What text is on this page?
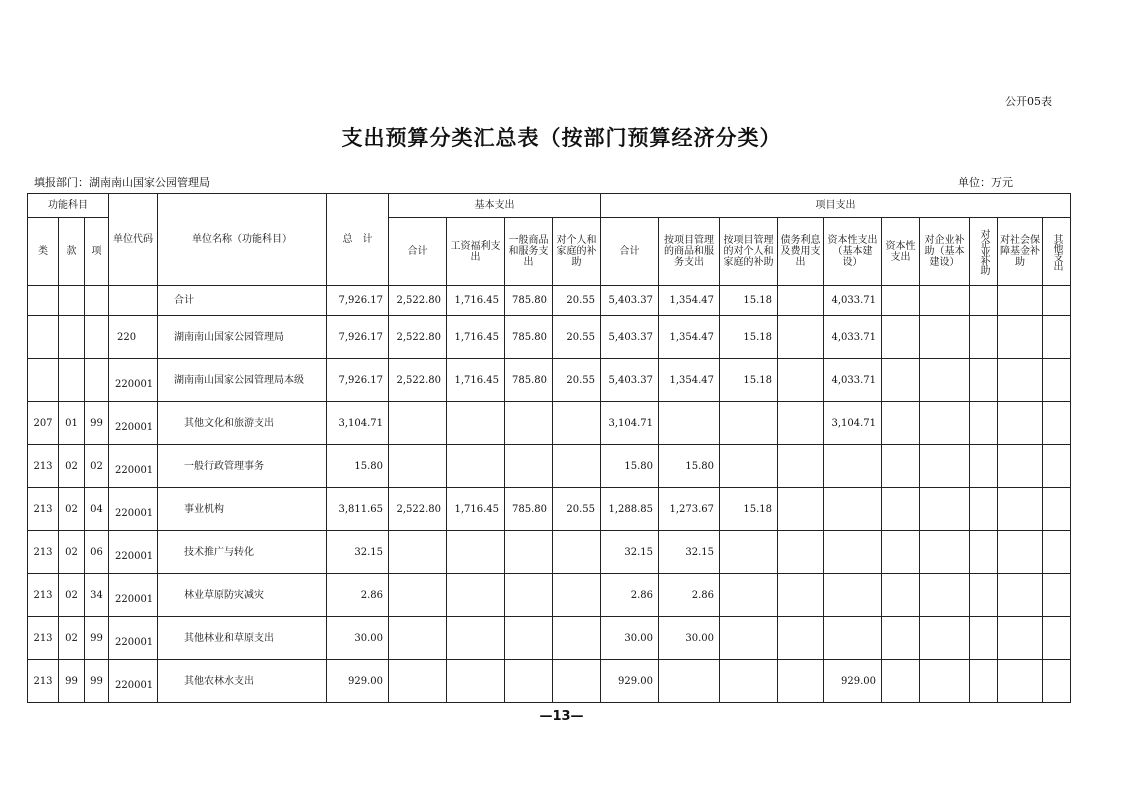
公开05表
支出预算分类汇总表（按部门预算经济分类）
填报部门：湖南南山国家公园管理局	单位：万元
功能科目			单位代码	单位名称（功能科目）	总　计	基本支出				项目支出									
类	款	项				合计	工资福利支出	一般商品和服务支出	对个人和家庭的补助	合计	按项目管理的商品和服务支出	按项目管理的对个人和家庭的补助	债务利息及费用支出	资本性支出（基本建设）	资本性支出	对企业补助（基本建设）	对企业补助	对社会保障基金补助	其他支出

				合计	7,926.17	2,522.80	1,716.45	785.80	20.55	5,403.37	1,354.47	15.18		4,033.71					
			220	湖南南山国家公园管理局	7,926.17	2,522.80	1,716.45	785.80	20.55	5,403.37	1,354.47	15.18		4,033.71					
			220001	湖南南山国家公园管理局本级	7,926.17	2,522.80	1,716.45	785.80	20.55	5,403.37	1,354.47	15.18		4,033.71					
207	01	99	220001	其他文化和旅游支出	3,104.71					3,104.71				3,104.71					
213	02	02	220001	一般行政管理事务	15.80					15.80	15.80								
213	02	04	220001	事业机构	3,811.65	2,522.80	1,716.45	785.80	20.55	1,288.85	1,273.67	15.18							
213	02	06	220001	技术推广与转化	32.15					32.15	32.15								
213	02	34	220001	林业草原防灾减灾	2.86					2.86	2.86								
213	02	99	220001	其他林业和草原支出	30.00					30.00	30.00								
213	99	99	220001	其他农林水支出	929.00					929.00				929.00					
—13—
